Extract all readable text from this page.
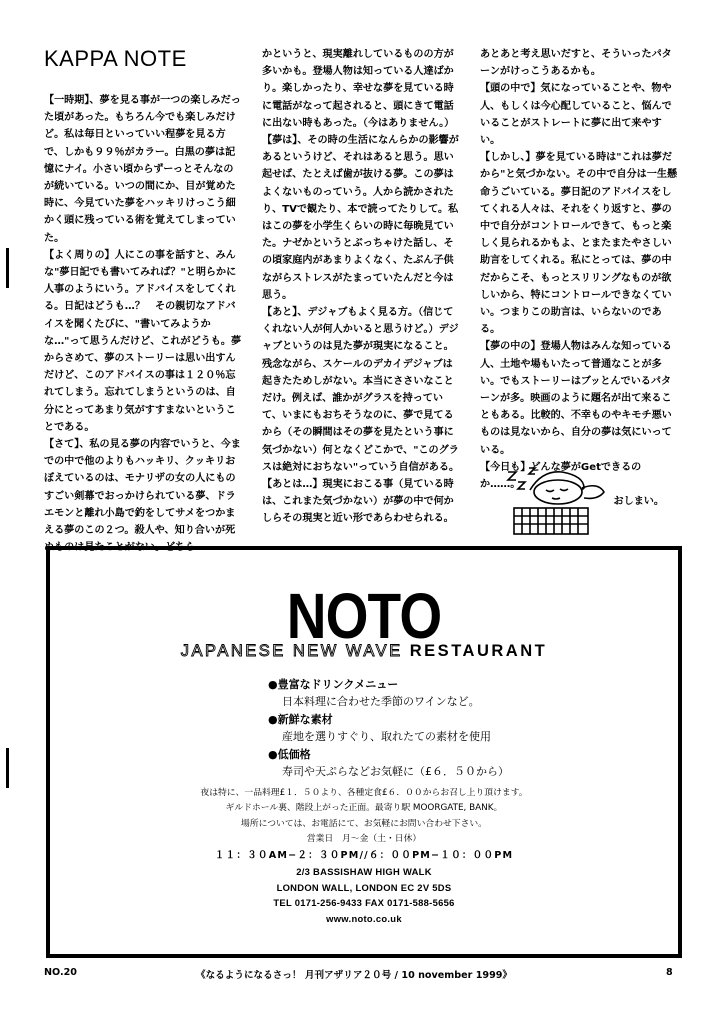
KAPPA NOTE

【一時期】、夢を見る事が一つの楽しみだった頃があった。もちろん今でも楽しみだけど。私は毎日といっていい程夢を見る方で、しかも９９％がカラー。白黒の夢は記憶にナイ。小さい頃からずーっとそんなのが続いている。いつの間にか、目が覚めた時に、今見ていた夢をハッキリけっこう細かく頭に残っている術を覚えてしまっていた。

【よく周りの】人にこの事を話すと、みんな"夢日記でも書いてみれば？"と明らかに人事のようにいう。アドバイスをしてくれる。日記はどうも…？　その親切なアドバイスを聞くたびに、"書いてみようかな…"って思うんだけど、これがどうも。夢からさめて、夢のストーリーは思い出すんだけど、このアドバイスの事は１２０％忘れてしまう。忘れてしまうというのは、自分にとってあまり気がすすまないということである。

【さて】、私の見る夢の内容でいうと、今までの中で他のよりもハッキリ、クッキリおぼえているのは、モナリザの女の人にものすごい剣幕でおっかけられている夢、ドラエモンと離れ小島で釣をしてサメをつかまえる夢のこの２つ。殺人や、知り合いが死ぬものは見たことがない。どちら

かというと、現実離れしているものの方が多いかも。登場人物は知っている人達ばかり。楽しかったり、幸せな夢を見ている時に電話がなって起されると、頭にきて電話に出ない時もあった。（今はありません。）

【夢は】、その時の生活になんらかの影響があるというけど、それはあると思う。思い起せば、たとえば歯が抜ける夢。この夢はよくないものっていう。人から読かされたり、TVで観たり、本で読ってたりして。私はこの夢を小学生くらいの時に毎晩見ていた。ナゼかというとぶっちゃけた話し、その頃家庭内があまりよくなく、たぶん子供ながらストレスがたまっていたんだと今は思う。

【あと】、デジャブもよく見る方。（信じてくれない人が何人かいると思うけど。）デジャブというのは見た夢が現実になること。残念ながら、スケールのデカイデジャブは起きたためしがない。本当にささいなことだけ。例えば、誰かがグラスを持っていて、いまにもおちそうなのに、夢で見てるから（その瞬間はその夢を見たという事に気づかない）何となくどこかで、"このグラスは絶対におちない"っていう自信がある。

【あとは…】現実におこる事（見ている時は、これまた気づかない）が夢の中で何かしらその現実と近い形であらわせられる。

あとあと考え思いだすと、そういったパターンがけっこうあるかも。

【頭の中で】気になっていることや、物や人、もしくは今心配していること、悩んでいることがストレートに夢に出て来やすい。

【しかし、】夢を見ている時は"これは夢だから"と気づかない。その中で自分は一生懸命うごいている。夢日記のアドバイスをしてくれる人々は、それをくり返すと、夢の中で自分がコントロールできて、もっと楽しく見られるかもよ、とまたまたやさしい助言をしてくれる。私にとっては、夢の中だからこそ、もっとスリリングなものが欲しいから、特にコントロールできなくていい。つまりこの助言は、いらないのである。

【夢の中の】登場人物はみんな知っている人、土地や場もいたって普通なことが多い。でもストーリーはブッとんでいるパターンが多。映画のように題名が出て来ることもある。比較的、不幸ものやキモチ悪いものは見ないから、自分の夢は気にいっている。

【今日も】どんな夢がGetできるのか……。

おしまい。

NOTO
JAPANESE NEW WAVE RESTAURANT
●豊富なドリンクメニュー
日本料理に合わせた季節のワインなど。
●新鮮な素材
産地を選りすぐり、取れたての素材を使用
●低価格
寿司や天ぷらなどお気軽に（£６．５０から）
夜は特に、一品料理£１．５０より、各種定食£６．００からお召し上り頂けます。
ギルドホール裏、階段上がった正面。最寄り駅 MOORGATE, BANK。
場所については、お電話にて、お気軽にお問い合わせ下さい。
営業日　月〜金（土・日休）
１１：３０AM−２：３０PM//６：００PM−１０：００PM
2/3 BASSISHAW HIGH WALK
LONDON WALL, LONDON EC 2V 5DS
TEL 0171-256-9433 FAX 0171-588-5656
www.noto.co.uk
NO.20	《なるようになるさっ！ 月刊アザリア２０号 / 10 november 1999》	8
